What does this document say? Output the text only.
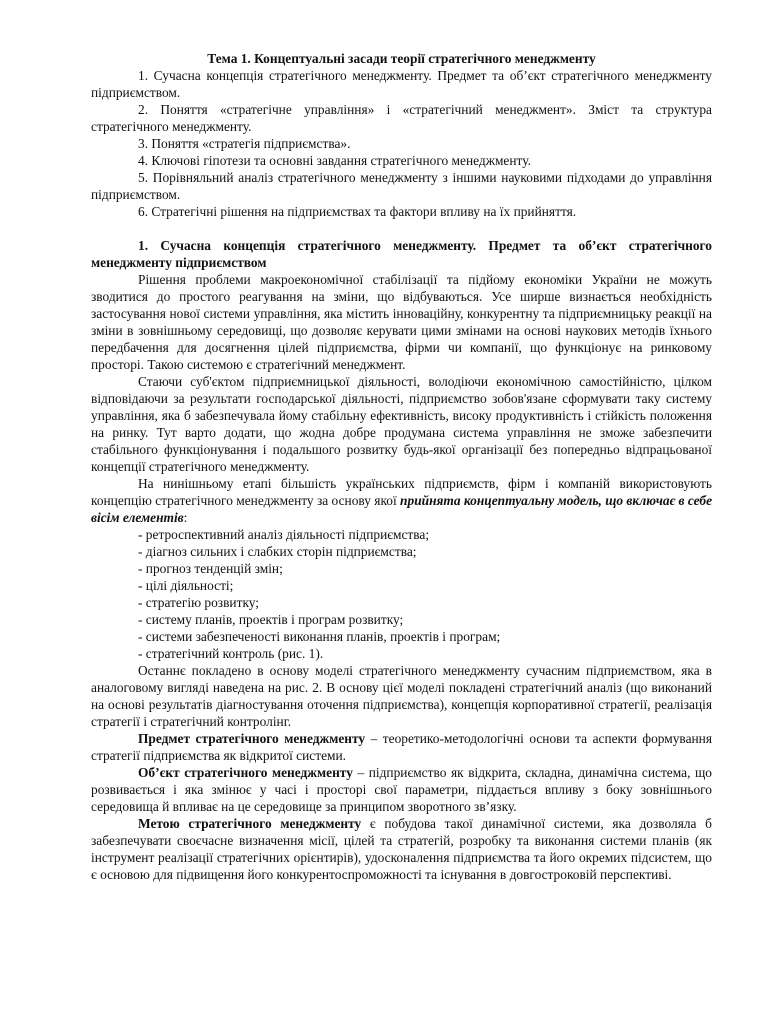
Тема 1. Концептуальні засади теорії стратегічного менеджменту

1. Сучасна концепція стратегічного менеджменту. Предмет та об’єкт стратегічного менеджменту підприємством.

2. Поняття «стратегічне управління» і «стратегічний менеджмент». Зміст та структура стратегічного менеджменту.

3. Поняття «стратегія підприємства».

4. Ключові гіпотези та основні завдання стратегічного менеджменту.

5. Порівняльний аналіз стратегічного менеджменту з іншими науковими підходами до управління підприємством.

6. Стратегічні рішення на підприємствах та фактори впливу на їх прийняття.

1. Сучасна концепція стратегічного менеджменту. Предмет та об’єкт стратегічного менеджменту підприємством

Рішення проблеми макроекономічної стабілізації та підйому економіки України не можуть зводитися до простого реагування на зміни, що відбуваються. Усе ширше визнається необхідність застосування нової системи управління, яка містить інноваційну, конкурентну та підприємницьку реакції на зміни в зовнішньому середовищі, що дозволяє керувати цими змінами на основі наукових методів їхнього передбачення для досягнення цілей підприємства, фірми чи компанії, що функціонує на ринковому просторі. Такою системою є стратегічний менеджмент.

Стаючи суб'єктом підприємницької діяльності, володіючи економічною самостійністю, цілком відповідаючи за результати господарської діяльності, підприємство зобов'язане сформувати таку систему управління, яка б забезпечувала йому стабільну ефективність, високу продуктивність і стійкість положення на ринку. Тут варто додати, що жодна добре продумана система управління не зможе забезпечити стабільного функціонування і подальшого розвитку будь-якої організації без попередньо відпрацьованої концепції стратегічного менеджменту.

На нинішньому етапі більшість українських підприємств, фірм і компаній використовують концепцію стратегічного менеджменту за основу якої прийнята концептуальну модель, що включає в себе вісім елементів:

- ретроспективний аналіз діяльності підприємства;

- діагноз сильних і слабких сторін підприємства;

- прогноз тенденцій змін;

- цілі діяльності;

- стратегію розвитку;

- систему планів, проектів і програм розвитку;

- системи забезпеченості виконання планів, проектів і програм;

- стратегічний контроль (рис. 1).

Останнє покладено в основу моделі стратегічного менеджменту сучасним підприємством, яка в аналоговому вигляді наведена на рис. 2. В основу цієї моделі покладені стратегічний аналіз (що виконаний на основі результатів діагностування оточення підприємства), концепція корпоративної стратегії, реалізація стратегії і стратегічний контролінг.

Предмет стратегічного менеджменту – теоретико-методологічні основи та аспекти формування стратегії підприємства як відкритої системи.

Об’єкт стратегічного менеджменту – підприємство як відкрита, складна, динамічна система, що розвивається і яка змінює у часі і просторі свої параметри, піддається впливу з боку зовнішнього середовища й впливає на це середовище за принципом зворотного зв’язку.

Метою стратегічного менеджменту є побудова такої динамічної системи, яка дозволяла б забезпечувати своєчасне визначення місії, цілей та стратегій, розробку та виконання системи планів (як інструмент реалізації стратегічних орієнтирів), удосконалення підприємства та його окремих підсистем, що є основою для підвищення його конкурентоспроможності та існування в довгостроковій перспективі.
